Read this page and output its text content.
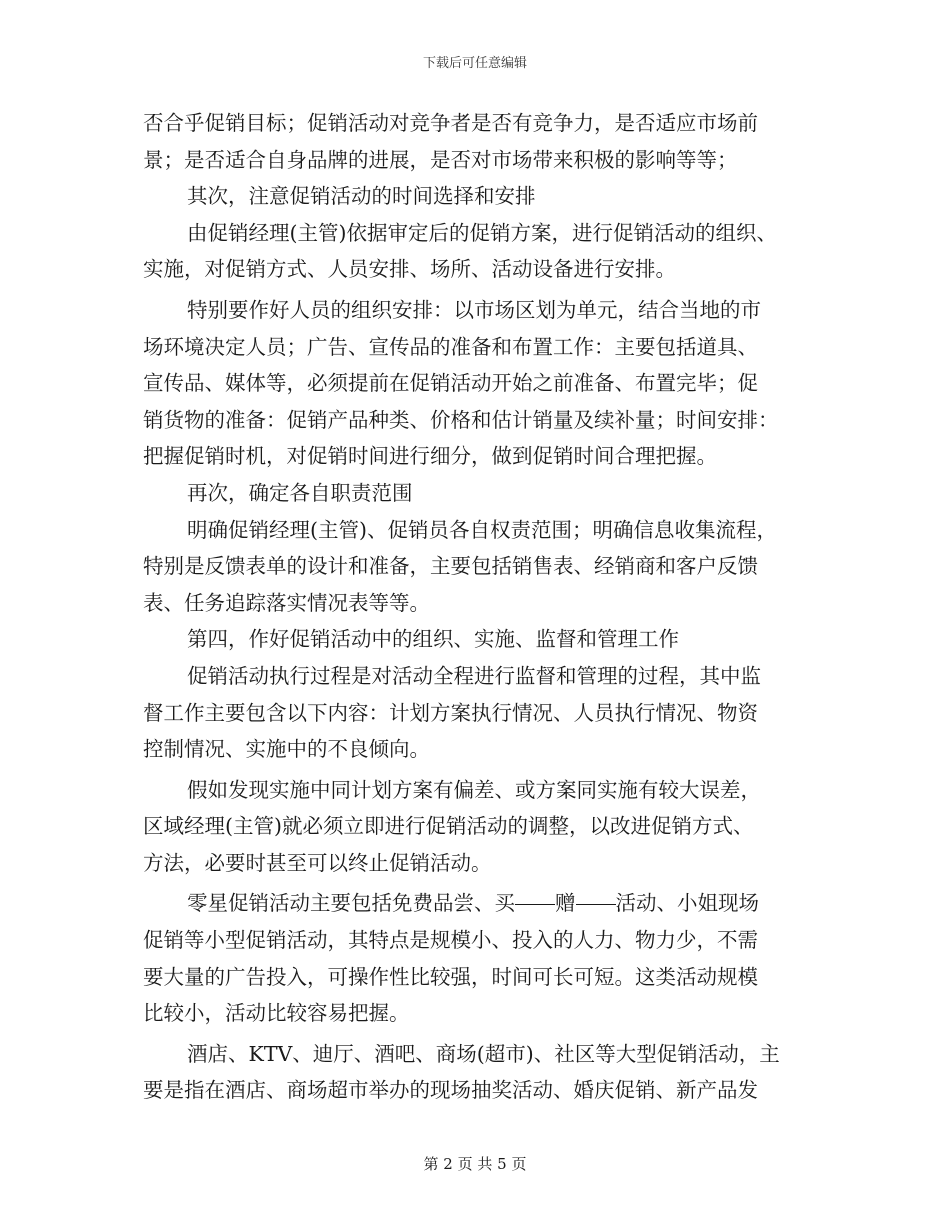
下载后可任意编辑
否合乎促销目标；促销活动对竞争者是否有竞争力，是否适应市场前
景；是否适合自身品牌的进展，是否对市场带来积极的影响等等；
其次，注意促销活动的时间选择和安排
由促销经理(主管)依据审定后的促销方案，进行促销活动的组织、
实施，对促销方式、人员安排、场所、活动设备进行安排。
特别要作好人员的组织安排：以市场区划为单元，结合当地的市
场环境决定人员；广告、宣传品的准备和布置工作：主要包括道具、
宣传品、媒体等，必须提前在促销活动开始之前准备、布置完毕；促
销货物的准备：促销产品种类、价格和估计销量及续补量；时间安排：
把握促销时机，对促销时间进行细分，做到促销时间合理把握。
再次，确定各自职责范围
明确促销经理(主管)、促销员各自权责范围；明确信息收集流程，
特别是反馈表单的设计和准备，主要包括销售表、经销商和客户反馈
表、任务追踪落实情况表等等。
第四，作好促销活动中的组织、实施、监督和管理工作
促销活动执行过程是对活动全程进行监督和管理的过程，其中监
督工作主要包含以下内容：计划方案执行情况、人员执行情况、物资
控制情况、实施中的不良倾向。
假如发现实施中同计划方案有偏差、或方案同实施有较大误差，
区域经理(主管)就必须立即进行促销活动的调整，以改进促销方式、
方法，必要时甚至可以终止促销活动。
零星促销活动主要包括免费品尝、买 赠 活动、小姐现场
促销等小型促销活动，其特点是规模小、投入的人力、物力少，不需
要大量的广告投入，可操作性比较强，时间可长可短。这类活动规模
比较小，活动比较容易把握。
酒店、KTV、迪厅、酒吧、商场(超市)、社区等大型促销活动，主
要是指在酒店、商场超市举办的现场抽奖活动、婚庆促销、新产品发
第 2 页 共 5 页
